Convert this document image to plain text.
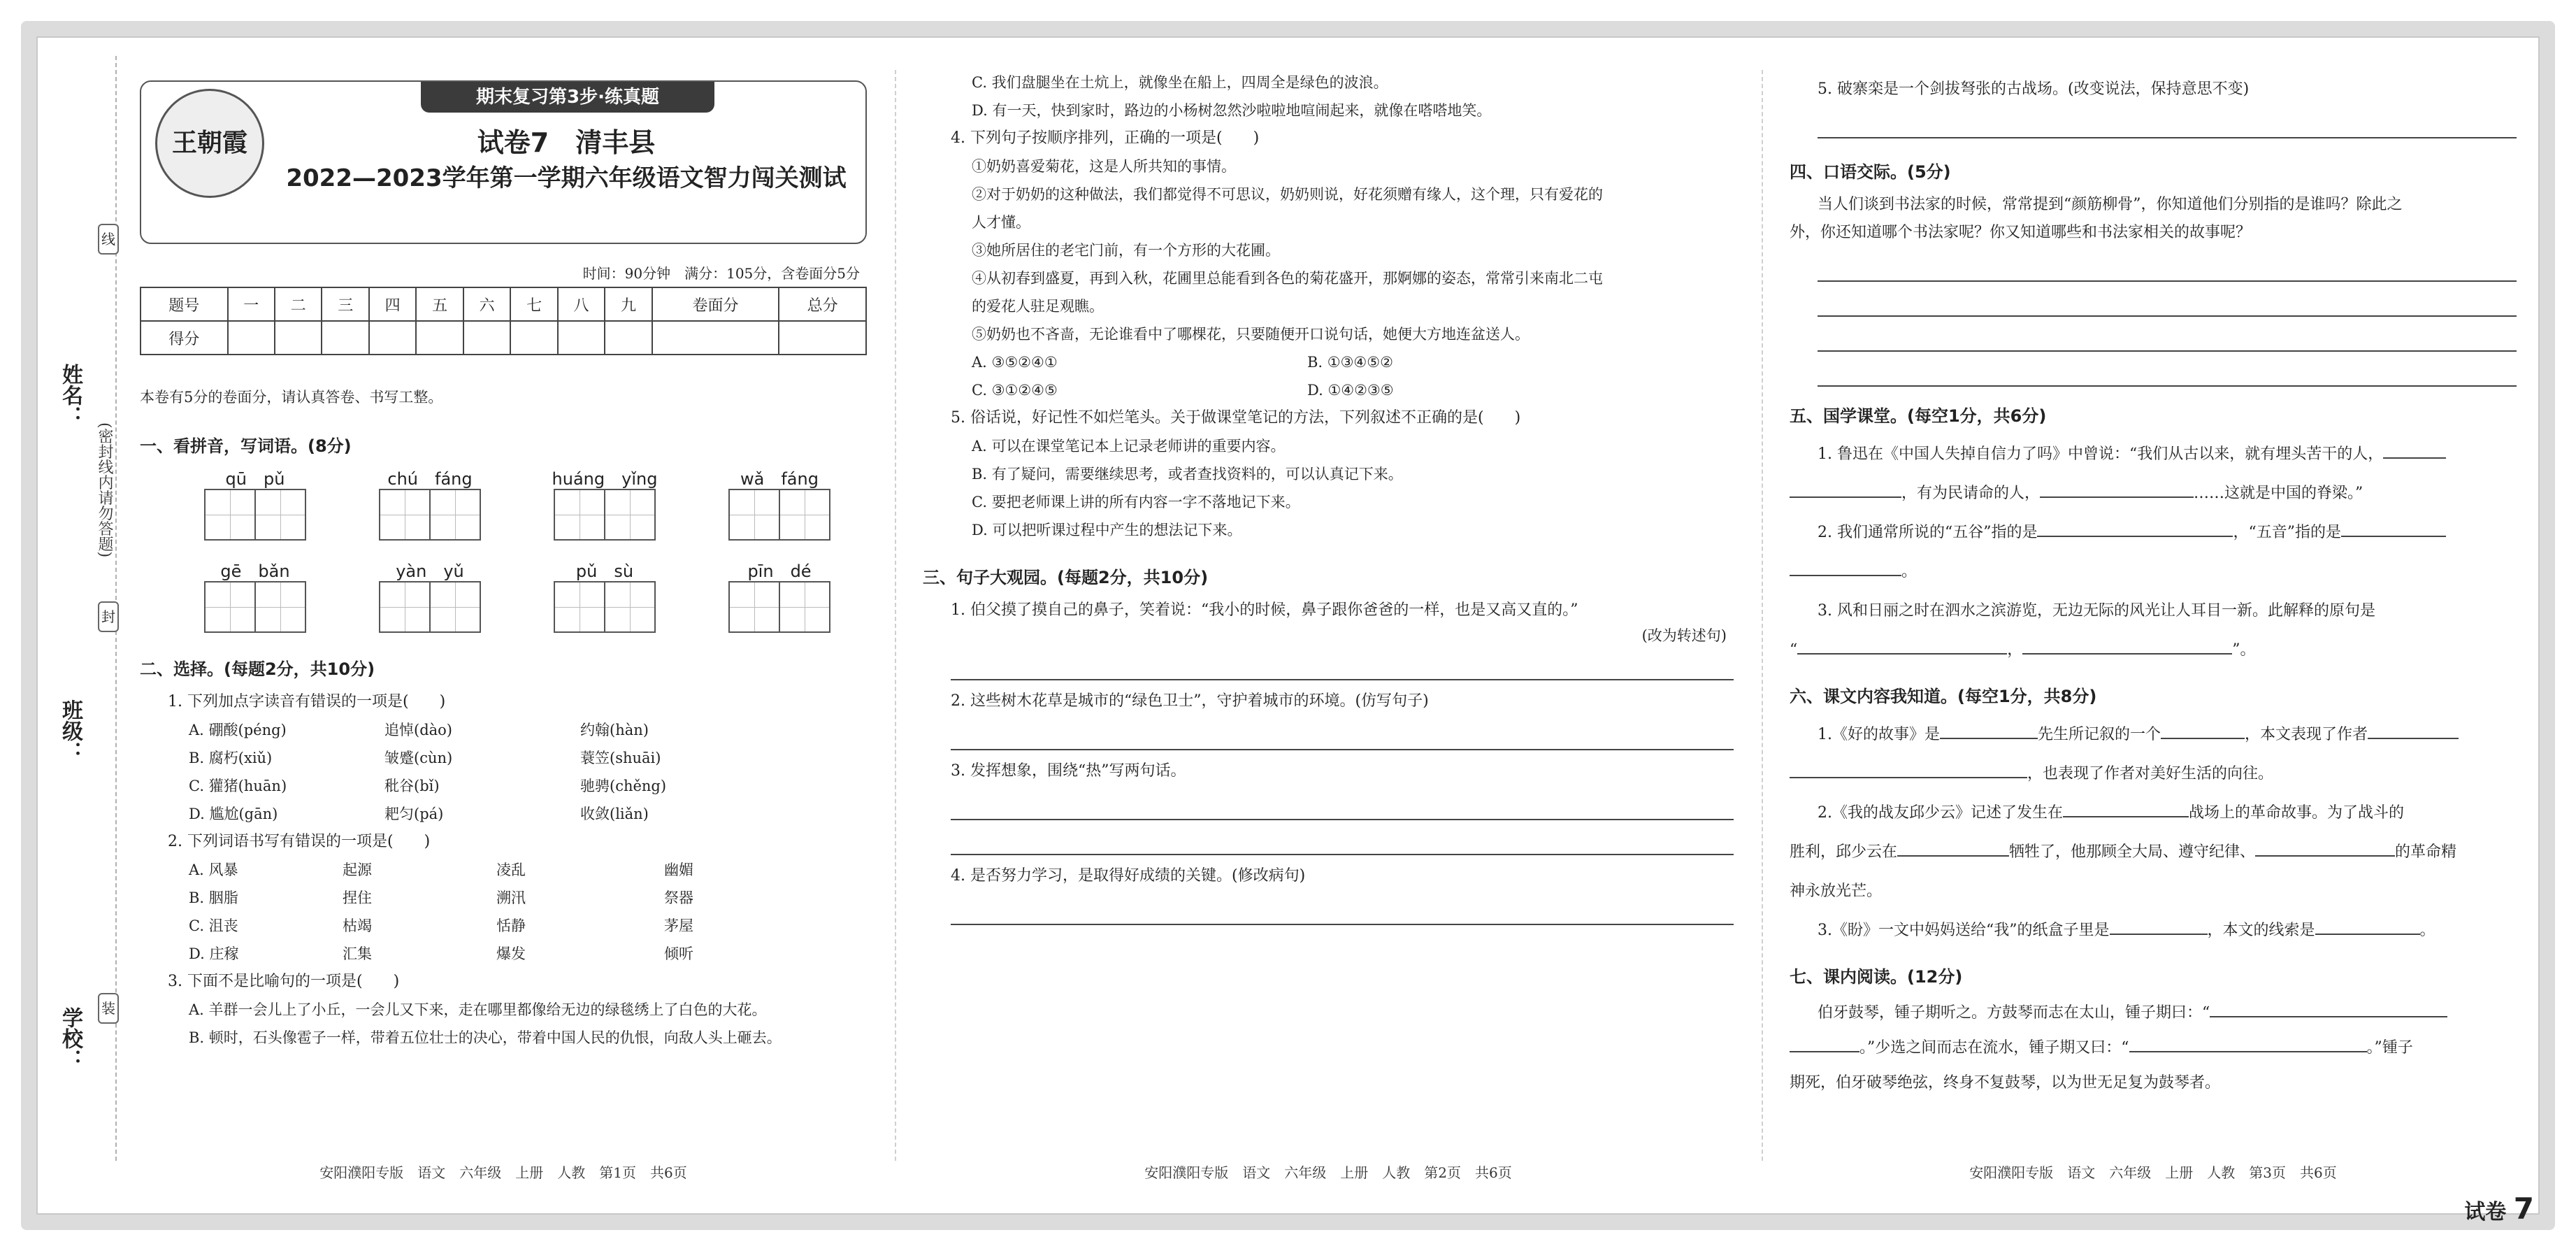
姓名：
班级：
学校：
(密封线内请勿答题)
线
封
装
王朝霞
期末复习第3步·练真题
试卷7　清丰县
2022—2023学年第一学期六年级语文智力闯关测试
时间：90分钟　满分：105分，含卷面分5分
题号	一	二	三	四	五	六	七	八	九	卷面分	总分
得分											
本卷有5分的卷面分，请认真答卷、书写工整。
一、看拼音，写词语。(8分)
qū　 pǔ	chú　 fáng	huáng　 yǐng	wǎ　 fáng
gē　 bǎn	yàn　 yǔ	pǔ　 sù	pīn　 dé
二、选择。(每题2分，共10分)
1. 下列加点字读音有错误的一项是(　　)
A. 硼酸(péng)	追悼(dào)	约翰(hàn)
B. 腐朽(xiǔ)	皱蹙(cùn)	蓑笠(shuāi)
C. 獾猪(huān)	秕谷(bǐ)	驰骋(chěng)
D. 尴尬(gān)	耙匀(pá)	收敛(liǎn)
2. 下列词语书写有错误的一项是(　　)
A. 风暴	起源	凌乱	幽媚
B. 胭脂	捏住	溯汛	祭器
C. 沮丧	枯竭	恬静	茅屋
D. 庄稼	汇集	爆发	倾听
3. 下面不是比喻句的一项是(　　)
A. 羊群一会儿上了小丘，一会儿又下来，走在哪里都像给无边的绿毯绣上了白色的大花。
B. 顿时，石头像雹子一样，带着五位壮士的决心，带着中国人民的仇恨，向敌人头上砸去。
安阳濮阳专版　语文　六年级　上册　人教　第1页　共6页
C. 我们盘腿坐在土炕上，就像坐在船上，四周全是绿色的波浪。
D. 有一天，快到家时，路边的小杨树忽然沙啦啦地喧闹起来，就像在嗒嗒地笑。
4. 下列句子按顺序排列，正确的一项是(　　)
①奶奶喜爱菊花，这是人所共知的事情。
②对于奶奶的这种做法，我们都觉得不可思议，奶奶则说，好花须赠有缘人，这个理，只有爱花的
人才懂。
③她所居住的老宅门前，有一个方形的大花圃。
④从初春到盛夏，再到入秋，花圃里总能看到各色的菊花盛开，那婀娜的姿态，常常引来南北二屯
的爱花人驻足观瞧。
⑤奶奶也不吝啬，无论谁看中了哪棵花，只要随便开口说句话，她便大方地连盆送人。
A. ③⑤②④①	B. ①③④⑤②
C. ③①②④⑤	D. ①④②③⑤
5. 俗话说，好记性不如烂笔头。关于做课堂笔记的方法，下列叙述不正确的是(　　)
A. 可以在课堂笔记本上记录老师讲的重要内容。
B. 有了疑问，需要继续思考，或者查找资料的，可以认真记下来。
C. 要把老师课上讲的所有内容一字不落地记下来。
D. 可以把听课过程中产生的想法记下来。
三、句子大观园。(每题2分，共10分)
1. 伯父摸了摸自己的鼻子，笑着说：“我小的时候，鼻子跟你爸爸的一样，也是又高又直的。”
(改为转述句)
2. 这些树木花草是城市的“绿色卫士”，守护着城市的环境。(仿写句子)
3. 发挥想象，围绕“热”写两句话。
4. 是否努力学习，是取得好成绩的关键。(修改病句)
安阳濮阳专版　语文　六年级　上册　人教　第2页　共6页
5. 破寨栾是一个剑拔弩张的古战场。(改变说法，保持意思不变)
四、口语交际。(5分)
当人们谈到书法家的时候，常常提到“颜筋柳骨”，你知道他们分别指的是谁吗？除此之
外，你还知道哪个书法家呢？你又知道哪些和书法家相关的故事呢？
五、国学课堂。(每空1分，共6分)
1. 鲁迅在《中国人失掉自信力了吗》中曾说：“我们从古以来，就有埋头苦干的人，
，有为民请命的人，	……这就是中国的脊梁。”
2. 我们通常所说的“五谷”指的是	，“五音”指的是
。
3. 风和日丽之时在泗水之滨游览，无边无际的风光让人耳目一新。此解释的原句是
“	，	”。
六、课文内容我知道。(每空1分，共8分)
1.《好的故事》是	先生所记叙的一个	，本文表现了作者
，也表现了作者对美好生活的向往。
2.《我的战友邱少云》记述了发生在	战场上的革命故事。为了战斗的
胜利，邱少云在	牺牲了，他那顾全大局、遵守纪律、	的革命精
神永放光芒。
3.《盼》一文中妈妈送给“我”的纸盒子里是	，本文的线索是	。
七、课内阅读。(12分)
伯牙鼓琴，锺子期听之。方鼓琴而志在太山，锺子期曰：“
。”少选之间而志在流水，锺子期又曰：“	。”锺子
期死，伯牙破琴绝弦，终身不复鼓琴，以为世无足复为鼓琴者。
安阳濮阳专版　语文　六年级　上册　人教　第3页　共6页
试卷 7
